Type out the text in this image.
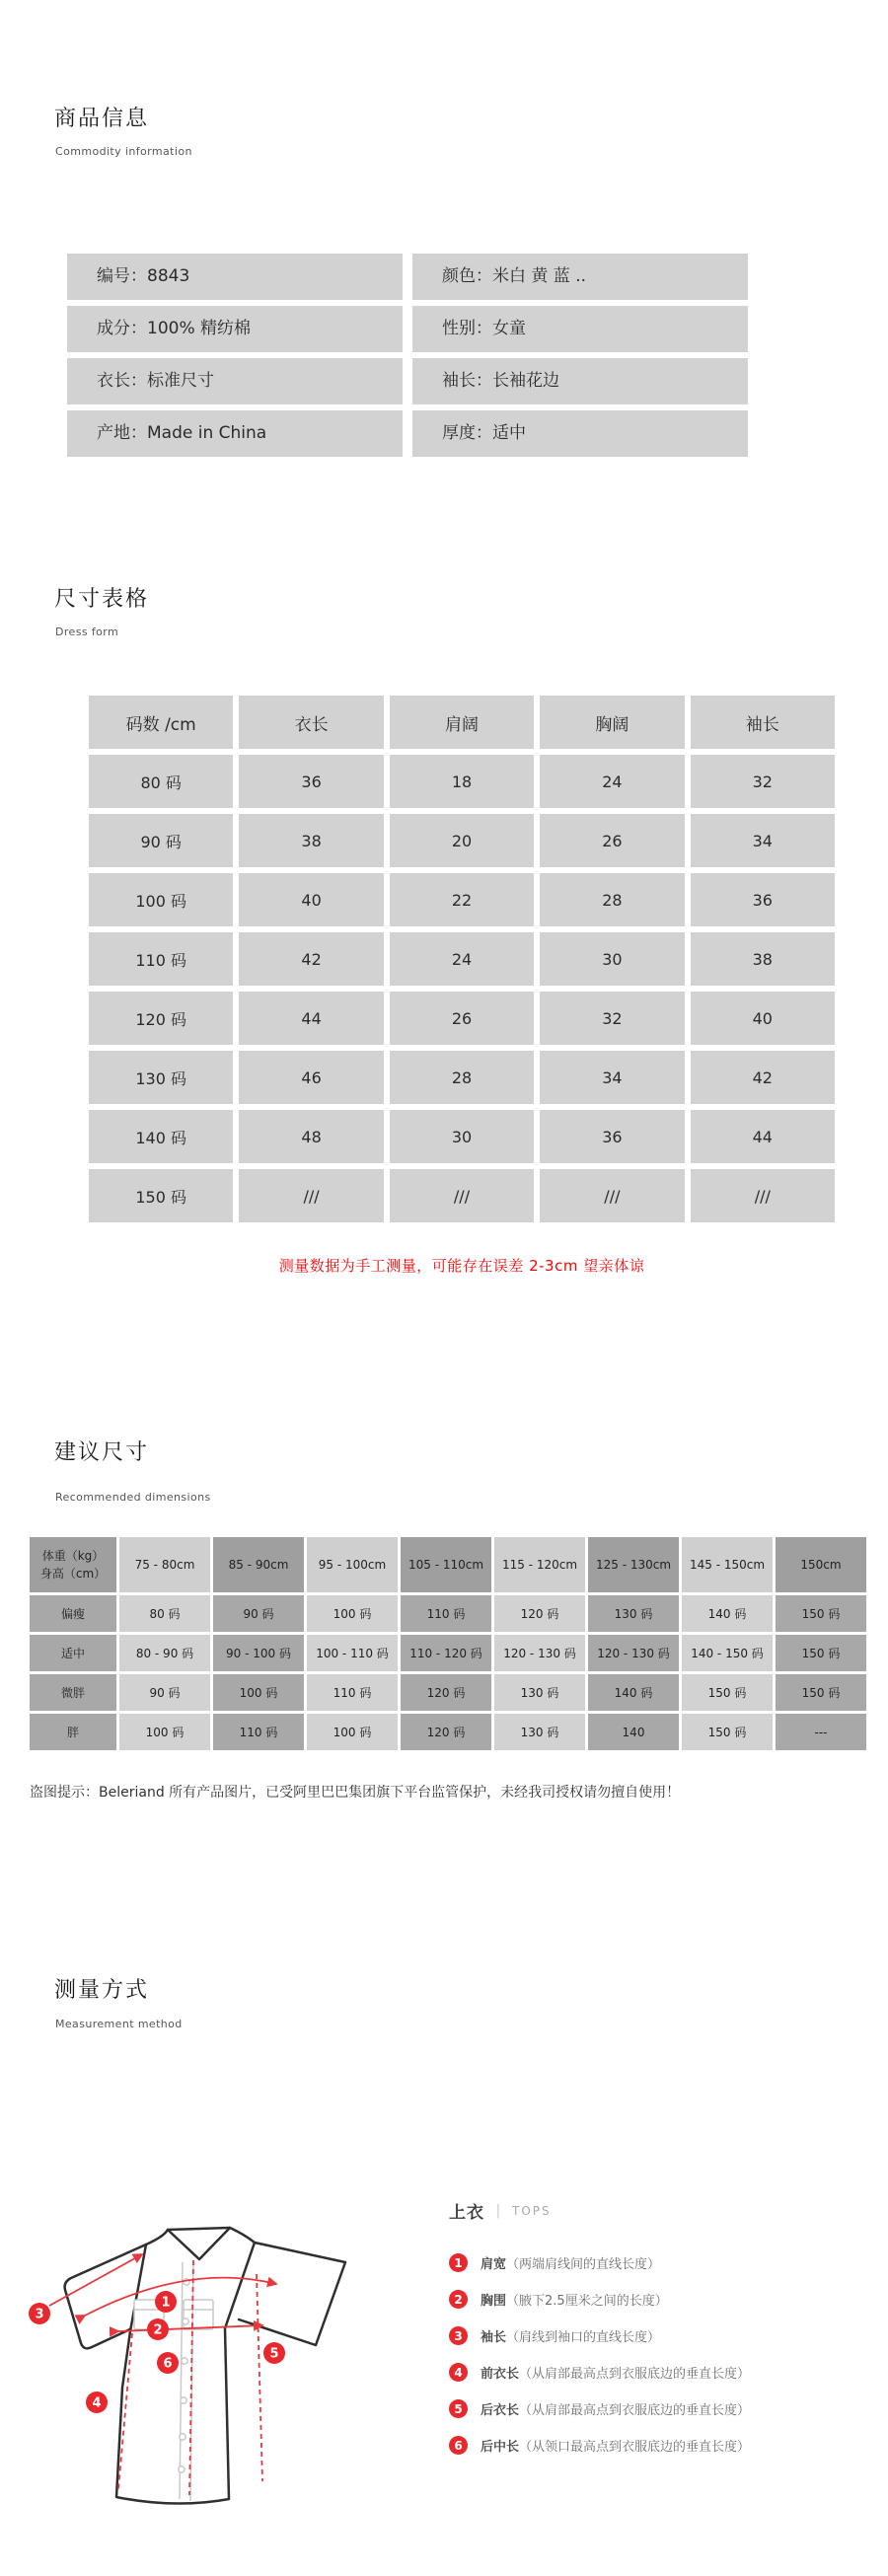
商品信息
Commodity information
编号：8843	颜色：米白 黄 蓝 ..
成分：100% 精纺棉	性别：女童
衣长：标准尺寸	袖长：长袖花边
产地：Made in China	厚度：适中
尺寸表格
Dress form
码数 /cm	衣长	肩阔	胸阔	袖长
80 码	36	18	24	32
90 码	38	20	26	34
100 码	40	22	28	36
110 码	42	24	30	38
120 码	44	26	32	40
130 码	46	28	34	42
140 码	48	30	36	44
150 码	///	///	///	///
测量数据为手工测量，可能存在误差 2-3cm 望亲体谅
建议尺寸
Recommended dimensions
体重（kg）
身高（cm）
75 - 80cm	85 - 90cm	95 - 100cm	105 - 110cm	115 - 120cm	125 - 130cm	145 - 150cm	150cm
偏瘦	80 码	90 码	100 码	110 码	120 码	130 码	140 码	150 码
适中	80 - 90 码	90 - 100 码	100 - 110 码	110 - 120 码	120 - 130 码	120 - 130 码	140 - 150 码	150 码
微胖	90 码	100 码	110 码	120 码	130 码	140 码	150 码	150 码
胖	100 码	110 码	100 码	120 码	130 码	140	150 码	---
盗图提示：Beleriand 所有产品图片，已受阿里巴巴集团旗下平台监管保护，未经我司授权请勿擅自使用！
测量方式
Measurement method
1
2
3
4
5
6
上衣 丨 TOPS
1	肩宽 （两端肩线间的直线长度）
2	胸围 （腋下2.5厘米之间的长度）
3	袖长 （肩线到袖口的直线长度）
4	前衣长 （从肩部最高点到衣服底边的垂直长度）
5	后衣长 （从肩部最高点到衣服底边的垂直长度）
6	后中长 （从领口最高点到衣服底边的垂直长度）
